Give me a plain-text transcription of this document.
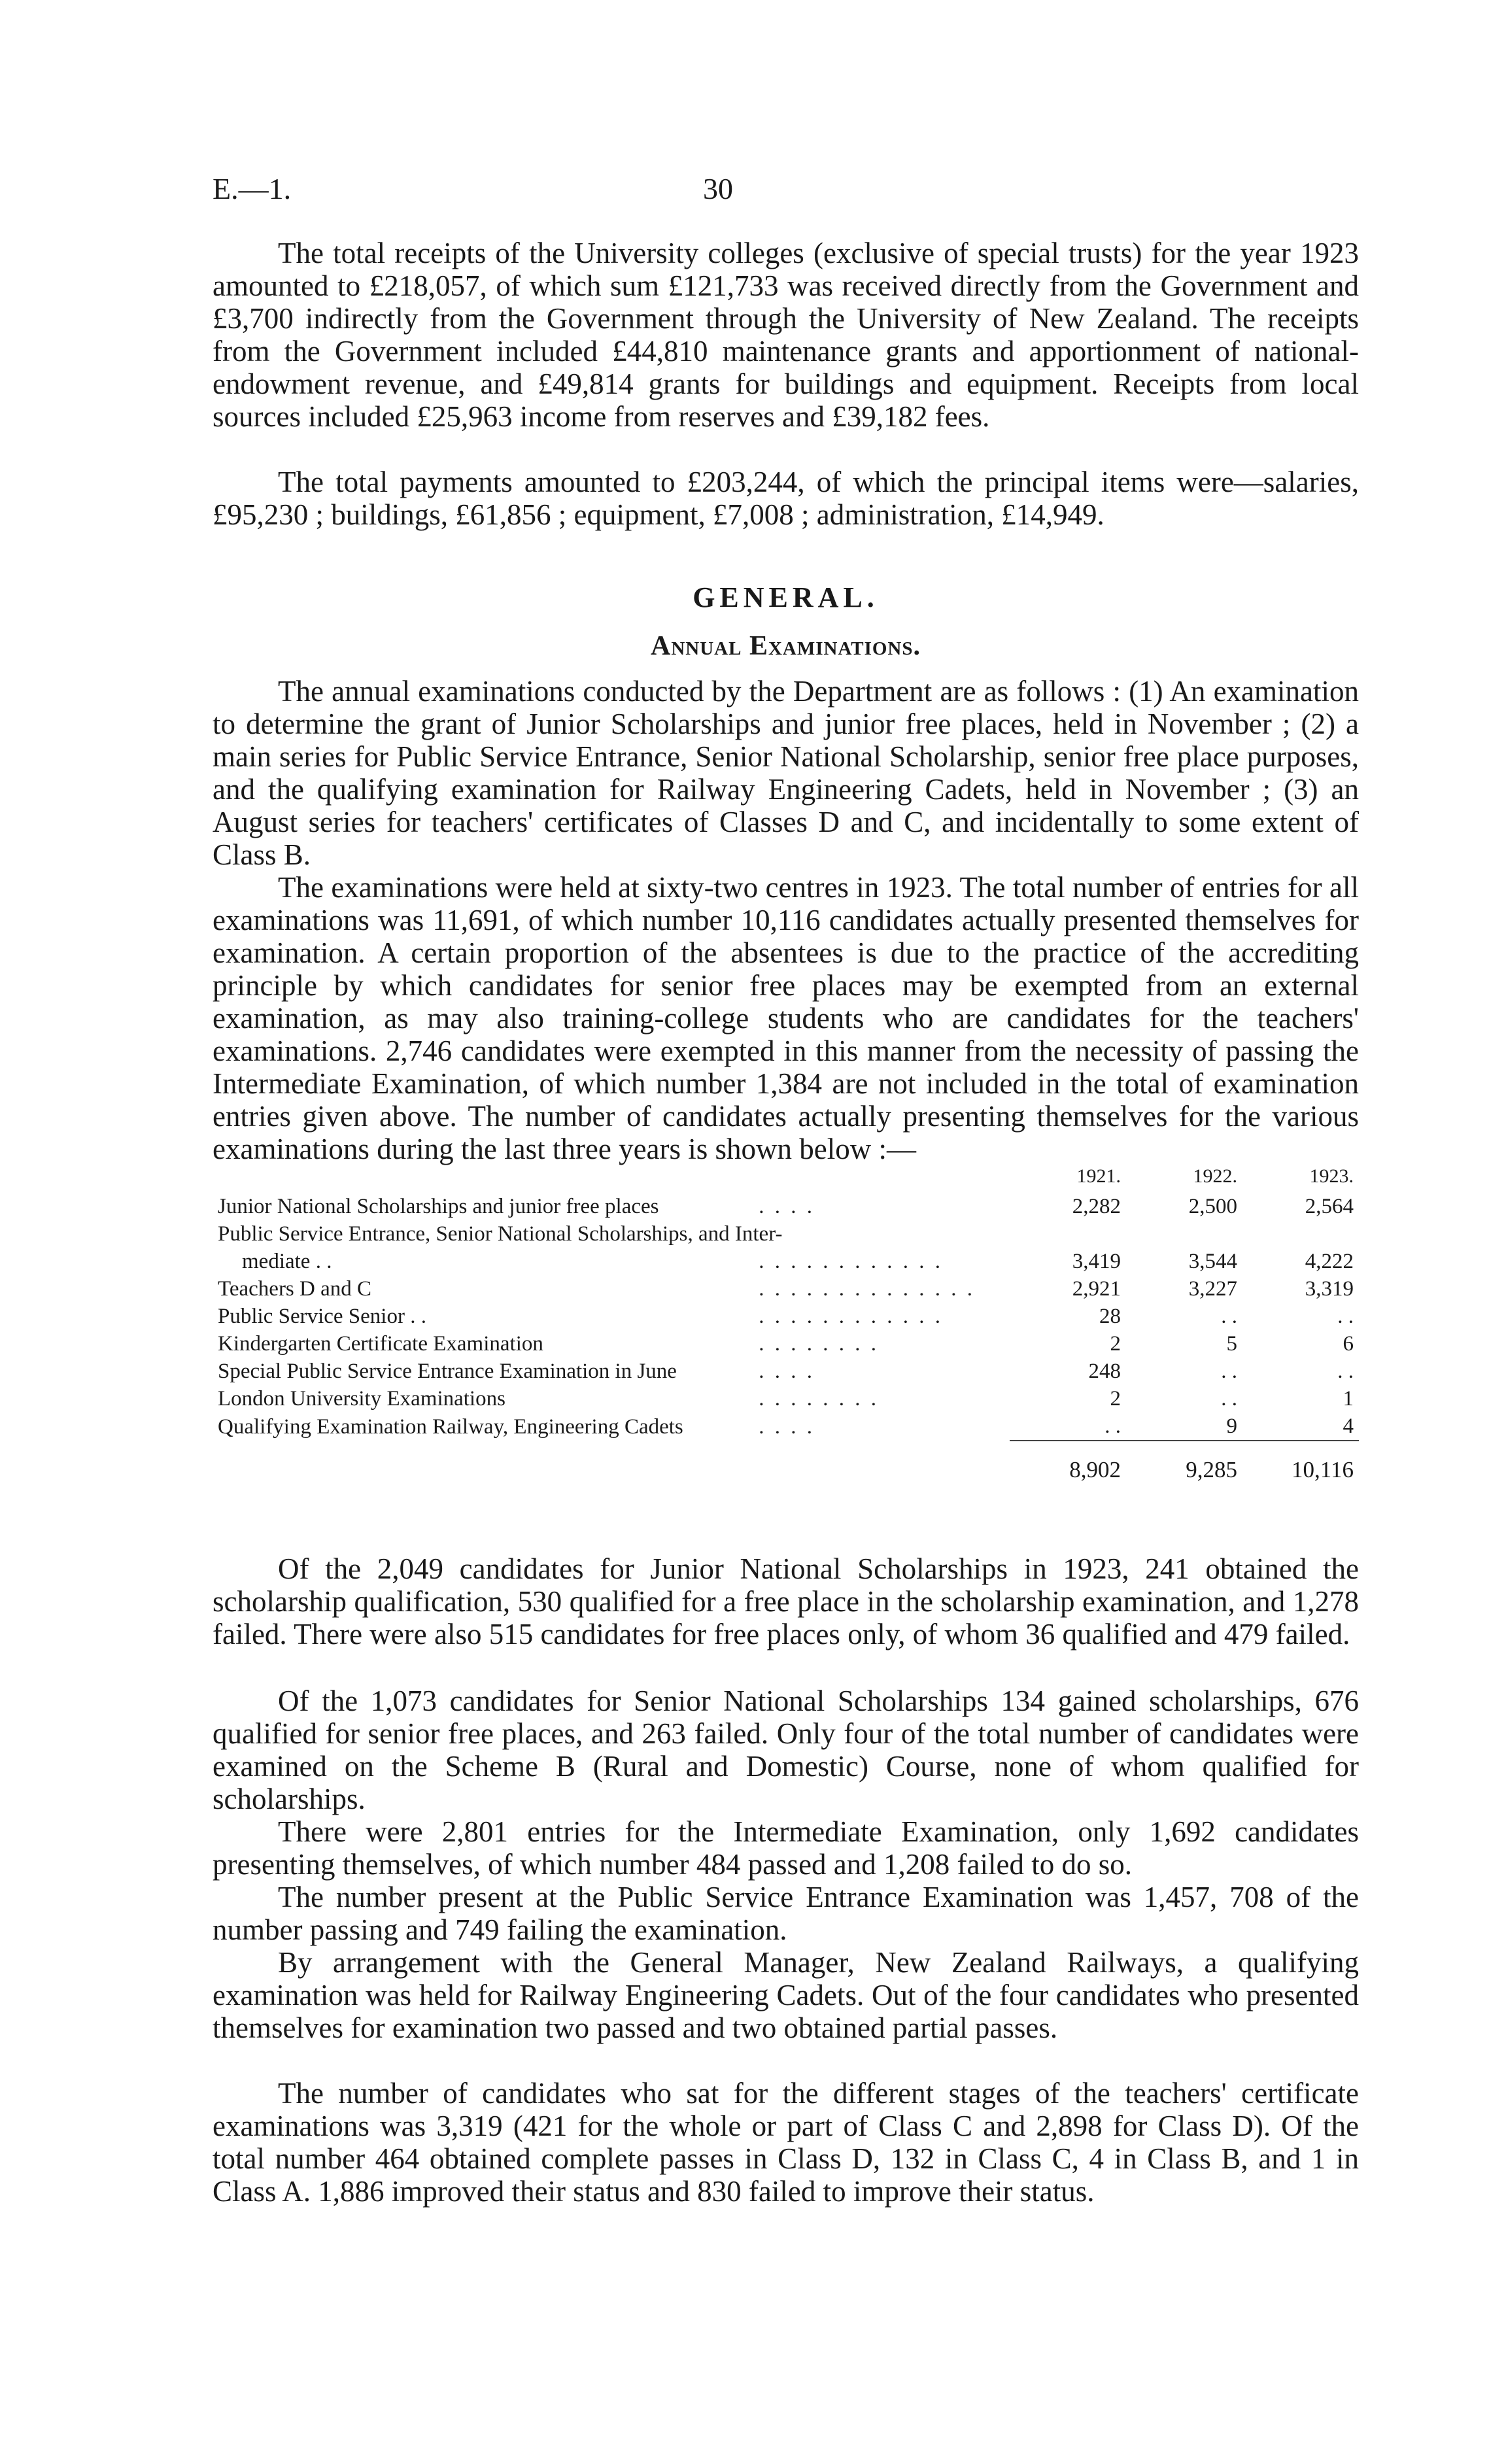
E.—1.	30

The total receipts of the University colleges (exclusive of special trusts) for the year 1923 amounted to £218,057, of which sum £121,733 was received directly from the Government and £3,700 indirectly from the Government through the University of New Zealand. The receipts from the Government included £44,810 maintenance grants and apportionment of national-endowment revenue, and £49,814 grants for buildings and equipment. Receipts from local sources included £25,963 income from reserves and £39,182 fees.

The total payments amounted to £203,244, of which the principal items were—salaries, £95,230 ; buildings, £61,856 ; equipment, £7,008 ; administration, £14,949.

GENERAL.
Annual Examinations.

The annual examinations conducted by the Department are as follows : (1) An examination to determine the grant of Junior Scholarships and junior free places, held in November ; (2) a main series for Public Service Entrance, Senior National Scholarship, senior free place purposes, and the qualifying examination for Railway Engineering Cadets, held in November ; (3) an August series for teachers' certificates of Classes D and C, and incidentally to some extent of Class B.

The examinations were held at sixty-two centres in 1923. The total number of entries for all examinations was 11,691, of which number 10,116 candidates actually presented themselves for examination. A certain proportion of the absentees is due to the practice of the accrediting principle by which candidates for senior free places may be exempted from an external examination, as may also training-college students who are candidates for the teachers' examinations. 2,746 candidates were exempted in this manner from the necessity of passing the Intermediate Examination, of which number 1,384 are not included in the total of examination entries given above. The number of candidates actually presenting themselves for the various examinations during the last three years is shown below :—

		1921.	1922.	1923.
Junior National Scholarships and junior free places	. . . .	2,282	2,500	2,564
Public Service Entrance, Senior National Scholarships, and Inter-				
mediate . .	. . . . . . . . . . . .	3,419	3,544	4,222
Teachers D and C	. . . . . . . . . . . . . .	2,921	3,227	3,319
Public Service Senior . .	. . . . . . . . . . . .	28	. .	. .
Kindergarten Certificate Examination	. . . . . . . .	2	5	6
Special Public Service Entrance Examination in June	. . . .	248	. .	. .
London University Examinations	. . . . . . . .	2	. .	1
Qualifying Examination Railway, Engineering Cadets	. . . .	. .	9	4

		8,902	9,285	10,116

Of the 2,049 candidates for Junior National Scholarships in 1923, 241 obtained the scholarship qualification, 530 qualified for a free place in the scholarship examination, and 1,278 failed. There were also 515 candidates for free places only, of whom 36 qualified and 479 failed.

Of the 1,073 candidates for Senior National Scholarships 134 gained scholarships, 676 qualified for senior free places, and 263 failed. Only four of the total number of candidates were examined on the Scheme B (Rural and Domestic) Course, none of whom qualified for scholarships.

There were 2,801 entries for the Intermediate Examination, only 1,692 candidates presenting themselves, of which number 484 passed and 1,208 failed to do so.

The number present at the Public Service Entrance Examination was 1,457, 708 of the number passing and 749 failing the examination.

By arrangement with the General Manager, New Zealand Railways, a qualifying examination was held for Railway Engineering Cadets. Out of the four candidates who presented themselves for examination two passed and two obtained partial passes.

The number of candidates who sat for the different stages of the teachers' certificate examinations was 3,319 (421 for the whole or part of Class C and 2,898 for Class D). Of the total number 464 obtained complete passes in Class D, 132 in Class C, 4 in Class B, and 1 in Class A. 1,886 improved their status and 830 failed to improve their status.
